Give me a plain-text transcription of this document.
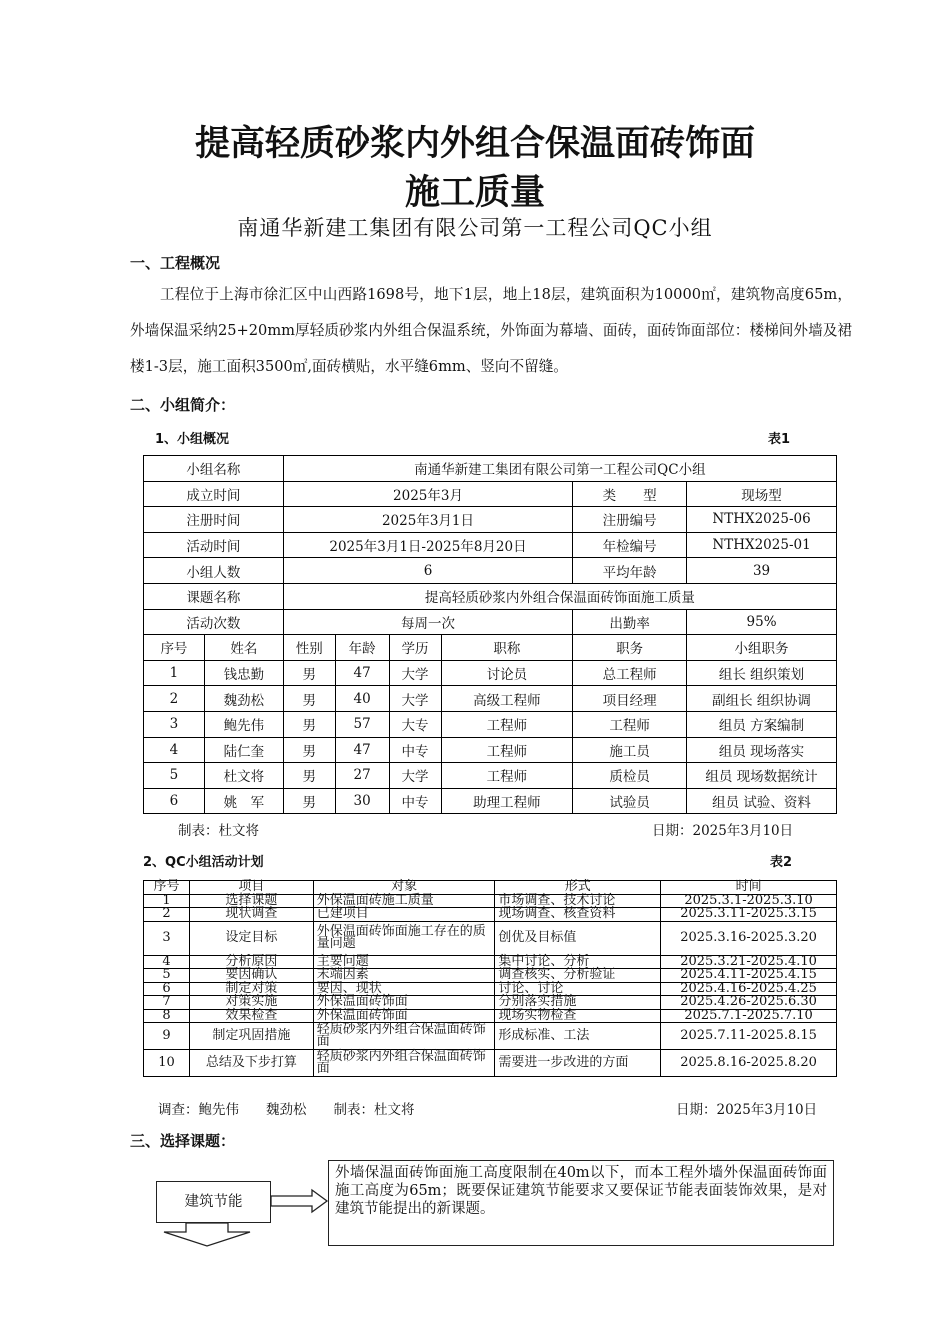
提高轻质砂浆内外组合保温面砖饰面
施工质量
南通华新建工集团有限公司第一工程公司QC小组
一、工程概况
工程位于上海市徐汇区中山西路1698号，地下1层，地上18层，建筑面积为10000㎡，建筑物高度65m，外墙保温采纳25+20mm厚轻质砂浆内外组合保温系统，外饰面为幕墙、面砖，面砖饰面部位：楼梯间外墙及裙楼1-3层，施工面积3500㎡,面砖横贴，水平缝6mm、竖向不留缝。
二、小组简介：
1、小组概况	表1
小组名称		南通华新建工集团有限公司第一工程公司QC小组					
成立时间		2025年3月				类　　型	现场型
注册时间		2025年3月1日				注册编号	NTHX2025-06
活动时间		2025年3月1日-2025年8月20日				年检编号	NTHX2025-01
小组人数		6				平均年龄	39
课题名称		提高轻质砂浆内外组合保温面砖饰面施工质量					
活动次数		每周一次				出勤率	95%
序号	姓名	性别	年龄	学历	职称	职务	小组职务
1	钱忠勤	男	47	大学	讨论员	总工程师	组长 组织策划
2	魏劲松	男	40	大学	高级工程师	项目经理	副组长 组织协调
3	鲍先伟	男	57	大专	工程师	工程师	组员 方案编制
4	陆仁奎	男	47	中专	工程师	施工员	组员 现场落实
5	杜文将	男	27	大学	工程师	质检员	组员 现场数据统计
6	姚　军	男	30	中专	助理工程师	试验员	组员 试验、资料
制表：杜文将	日期：2025年3月10日
2、QC小组活动计划	表2
序号	项目	对象	形式	时间
1	选择课题	外保温面砖施工质量	市场调查、技术讨论	2025.3.1-2025.3.10
2	现状调查	已建项目	现场调查、核查资料	2025.3.11-2025.3.15
3	设定目标	外保温面砖饰面施工存在的质量问题	创优及目标值	2025.3.16-2025.3.20
4	分析原因	主要问题	集中讨论、分析	2025.3.21-2025.4.10
5	要因确认	末端因素	调查核实、分析验证	2025.4.11-2025.4.15
6	制定对策	要因、现状	讨论、讨论	2025.4.16-2025.4.25
7	对策实施	外保温面砖饰面	分别落实措施	2025.4.26-2025.6.30
8	效果检查	外保温面砖饰面	现场实物检查	2025.7.1-2025.7.10
9	制定巩固措施	轻质砂浆内外组合保温面砖饰面	形成标准、工法	2025.7.11-2025.8.15
10	总结及下步打算	轻质砂浆内外组合保温面砖饰面	需要进一步改进的方面	2025.8.16-2025.8.20
调查：鲍先伟　　魏劲松　　制表：杜文将	日期：2025年3月10日
三、选择课题：
建筑节能
外墙保温面砖饰面施工高度限制在40m以下，而本工程外墙外保温面砖饰面施工高度为65m；既要保证建筑节能要求又要保证节能表面装饰效果，是对建筑节能提出的新课题。
